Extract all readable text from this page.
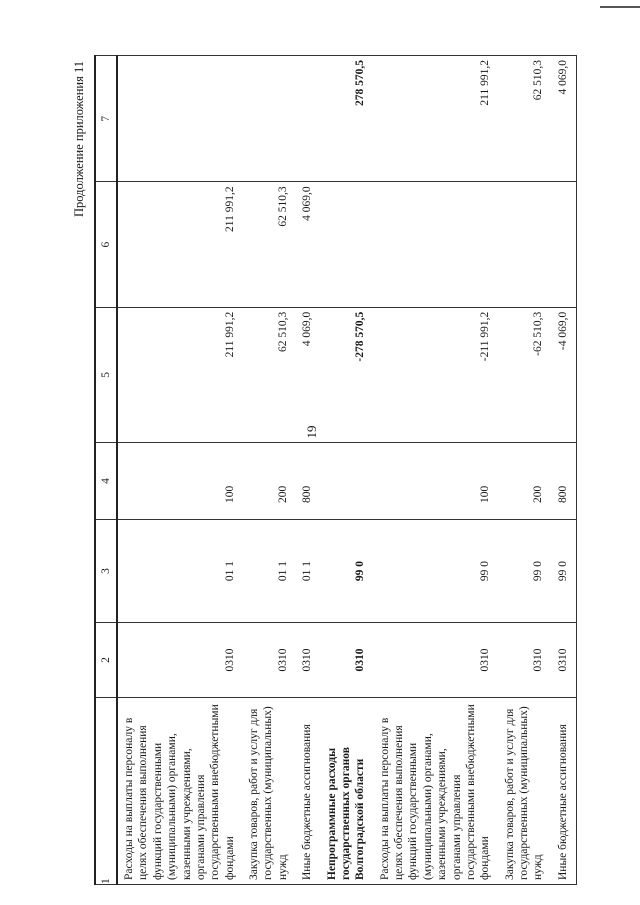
19
Продолжение приложения 11
1	2	3	4	5	6	7
Расходы на выплаты персоналу в целях обеспечения выполнения функций государственными (муниципальными) органами, казенными учреждениями, органами управления государственными внебюджетными фондами	0310	01 1	100	211 991,2	211 991,2	
Закупка товаров, работ и услуг для государственных (муниципальных) нужд	0310	01 1	200	62 510,3	62 510,3	
Иные бюджетные ассигнования	0310	01 1	800	4 069,0	4 069,0	
Непрограммные расходы государственных органов Волгоградской области	0310	99 0		-278 570,5		278 570,5
Расходы на выплаты персоналу в целях обеспечения выполнения функций государственными (муниципальными) органами, казенными учреждениями, органами управления государственными внебюджетными фондами	0310	99 0	100	-211 991,2		211 991,2
Закупка товаров, работ и услуг для государственных (муниципальных) нужд	0310	99 0	200	-62 510,3		62 510,3
Иные бюджетные ассигнования	0310	99 0	800	-4 069,0		4 069,0
